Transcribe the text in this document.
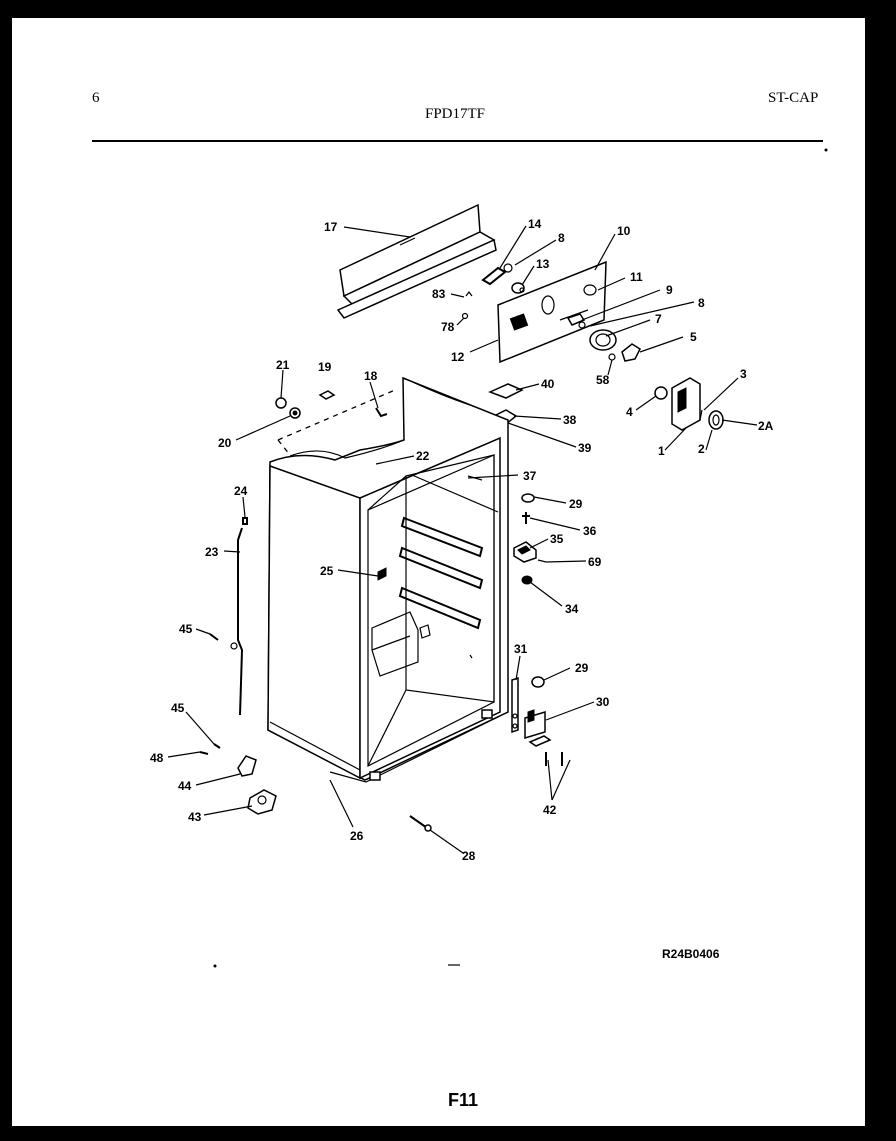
6
FPD17TF
ST-CAP
17	14
8	10
13
11
83	9
8
78
7
12
5
58
21 19
18
40
3
4
38
20	39
2A
1	2
22
37
24
29
36
35
23
69
25
34
45
31
29
45	30
48
44
42
43
26
28
R24B0406
F11
